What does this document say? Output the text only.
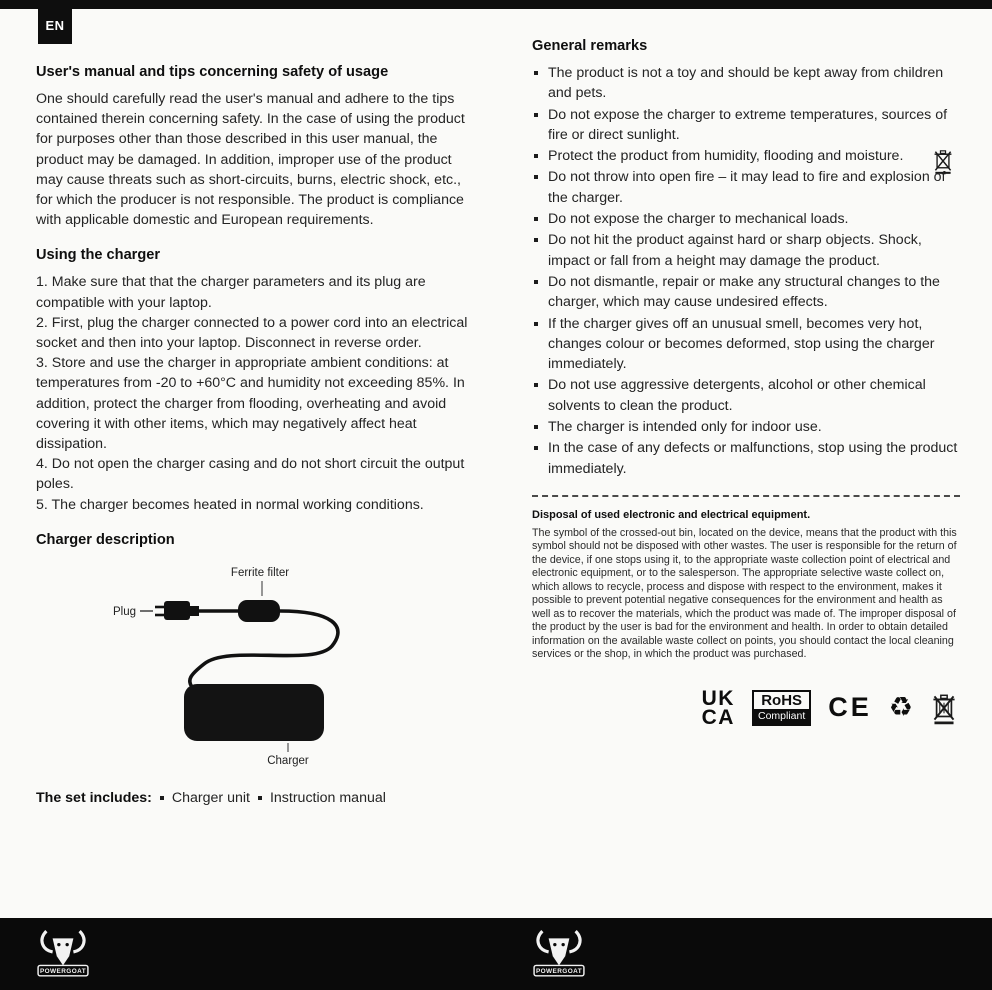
EN
User's manual and tips concerning safety of usage

One should carefully read the user's manual and adhere to the tips contained therein concerning safety. In the case of using the product for purposes other than those described in this user manual, the product may be damaged. In addition, improper use of the product may cause threats such as short-circuits, burns, electric shock, etc., for which the producer is not responsible. The product is compliance with applicable domestic and European requirements.

Using the charger
1. Make sure that that the charger parameters and its plug are compatible with your laptop.
2. First, plug the charger connected to a power cord into an electrical socket and then into your laptop. Disconnect in reverse order.
3. Store and use the charger in appropriate ambient conditions: at temperatures from -20 to +60°C and humidity not exceeding 85%. In addition, protect the charger from flooding, overheating and avoid covering it with other items, which may negatively affect heat dissipation.
4. Do not open the charger casing and do not short circuit the output poles.
5. The charger becomes heated in normal working conditions.
Charger description
Ferrite filter
Plug
Charger
The set includes:	Charger unit	Instruction manual
General remarks
The product is not a toy and should be kept away from children and pets.
Do not expose the charger to extreme temperatures, sources of fire or direct sunlight.
Protect the product from humidity, flooding and moisture.
Do not throw into open fire – it may lead to fire and explosion of the charger.
Do not expose the charger to mechanical loads.
Do not hit the product against hard or sharp objects. Shock, impact or fall from a height may damage the product.
Do not dismantle, repair or make any structural changes to the charger, which may cause undesired effects.
If the charger gives off an unusual smell, becomes very hot, changes colour or becomes deformed, stop using the charger immediately.
Do not use aggressive detergents, alcohol or other chemical solvents to clean the product.
The charger is intended only for indoor use.
In the case of any defects or malfunctions, stop using the product immediately.
Disposal of used electronic and electrical equipment.

The symbol of the crossed-out bin, located on the device, means that the product with this symbol should not be disposed with other wastes. The user is responsible for the return of the device, if one stops using it, to the appropriate waste collection point of electrical and electronic equipment, or to the salesperson. The appropriate selective waste collect on, which allows to recycle, process and dispose with respect to the environment, makes it possible to prevent potential negative consequences for the environment and health as well as to recover the materials, which the product was made of. The improper disposal of the product by the user is bad for the environment and health. In order to obtain detailed information on the available waste collect on points, you should contact the local cleaning services or the shop, in which the product was purchased.

UK
CA
RoHS
Compliant CE ♻
POWERGOAT	POWERGOAT
